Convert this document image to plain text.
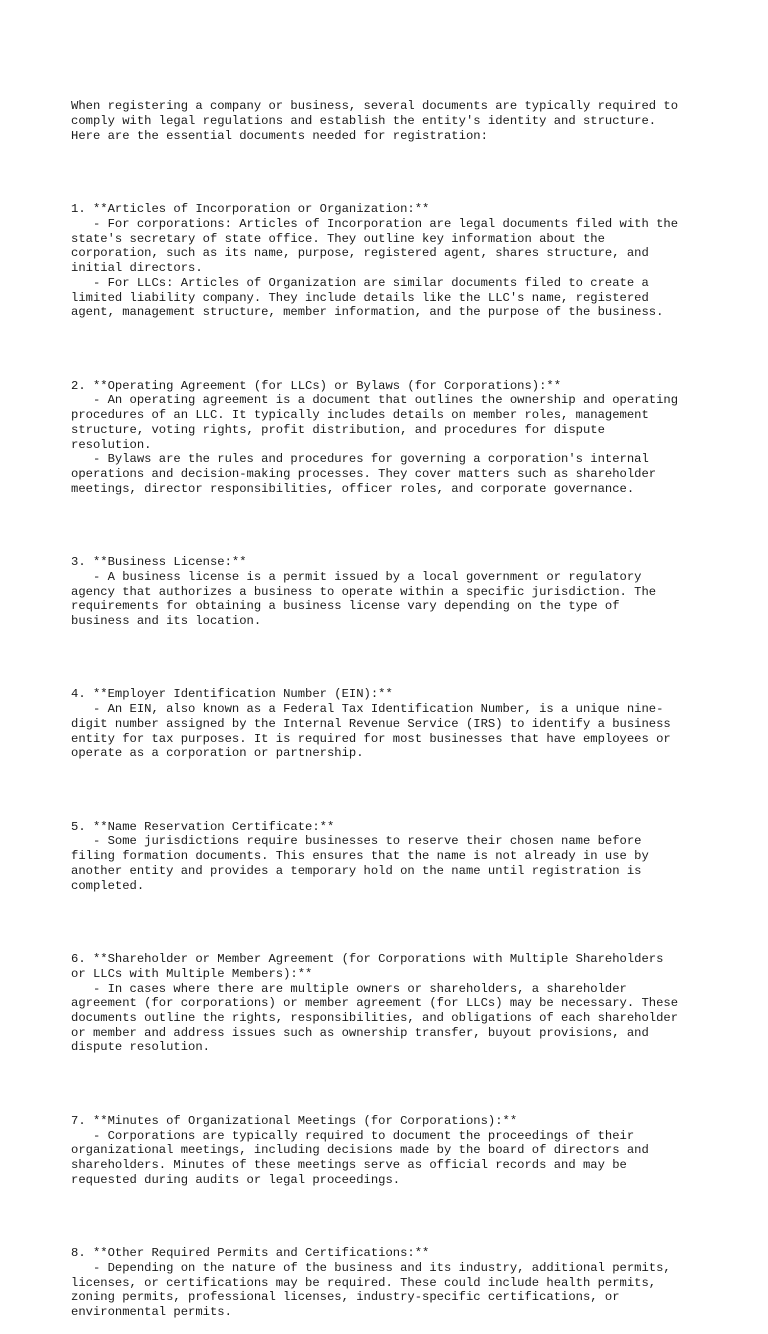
When registering a company or business, several documents are typically required to
comply with legal regulations and establish the entity's identity and structure.
Here are the essential documents needed for registration:

1. **Articles of Incorporation or Organization:**
- For corporations: Articles of Incorporation are legal documents filed with the
state's secretary of state office. They outline key information about the
corporation, such as its name, purpose, registered agent, shares structure, and
initial directors.
- For LLCs: Articles of Organization are similar documents filed to create a
limited liability company. They include details like the LLC's name, registered
agent, management structure, member information, and the purpose of the business.

2. **Operating Agreement (for LLCs) or Bylaws (for Corporations):**
- An operating agreement is a document that outlines the ownership and operating
procedures of an LLC. It typically includes details on member roles, management
structure, voting rights, profit distribution, and procedures for dispute
resolution.
- Bylaws are the rules and procedures for governing a corporation's internal
operations and decision-making processes. They cover matters such as shareholder
meetings, director responsibilities, officer roles, and corporate governance.

3. **Business License:**
- A business license is a permit issued by a local government or regulatory
agency that authorizes a business to operate within a specific jurisdiction. The
requirements for obtaining a business license vary depending on the type of
business and its location.

4. **Employer Identification Number (EIN):**
- An EIN, also known as a Federal Tax Identification Number, is a unique nine-
digit number assigned by the Internal Revenue Service (IRS) to identify a business
entity for tax purposes. It is required for most businesses that have employees or
operate as a corporation or partnership.

5. **Name Reservation Certificate:**
- Some jurisdictions require businesses to reserve their chosen name before
filing formation documents. This ensures that the name is not already in use by
another entity and provides a temporary hold on the name until registration is
completed.

6. **Shareholder or Member Agreement (for Corporations with Multiple Shareholders
or LLCs with Multiple Members):**
- In cases where there are multiple owners or shareholders, a shareholder
agreement (for corporations) or member agreement (for LLCs) may be necessary. These
documents outline the rights, responsibilities, and obligations of each shareholder
or member and address issues such as ownership transfer, buyout provisions, and
dispute resolution.

7. **Minutes of Organizational Meetings (for Corporations):**
- Corporations are typically required to document the proceedings of their
organizational meetings, including decisions made by the board of directors and
shareholders. Minutes of these meetings serve as official records and may be
requested during audits or legal proceedings.

8. **Other Required Permits and Certifications:**
- Depending on the nature of the business and its industry, additional permits,
licenses, or certifications may be required. These could include health permits,
zoning permits, professional licenses, industry-specific certifications, or
environmental permits.
